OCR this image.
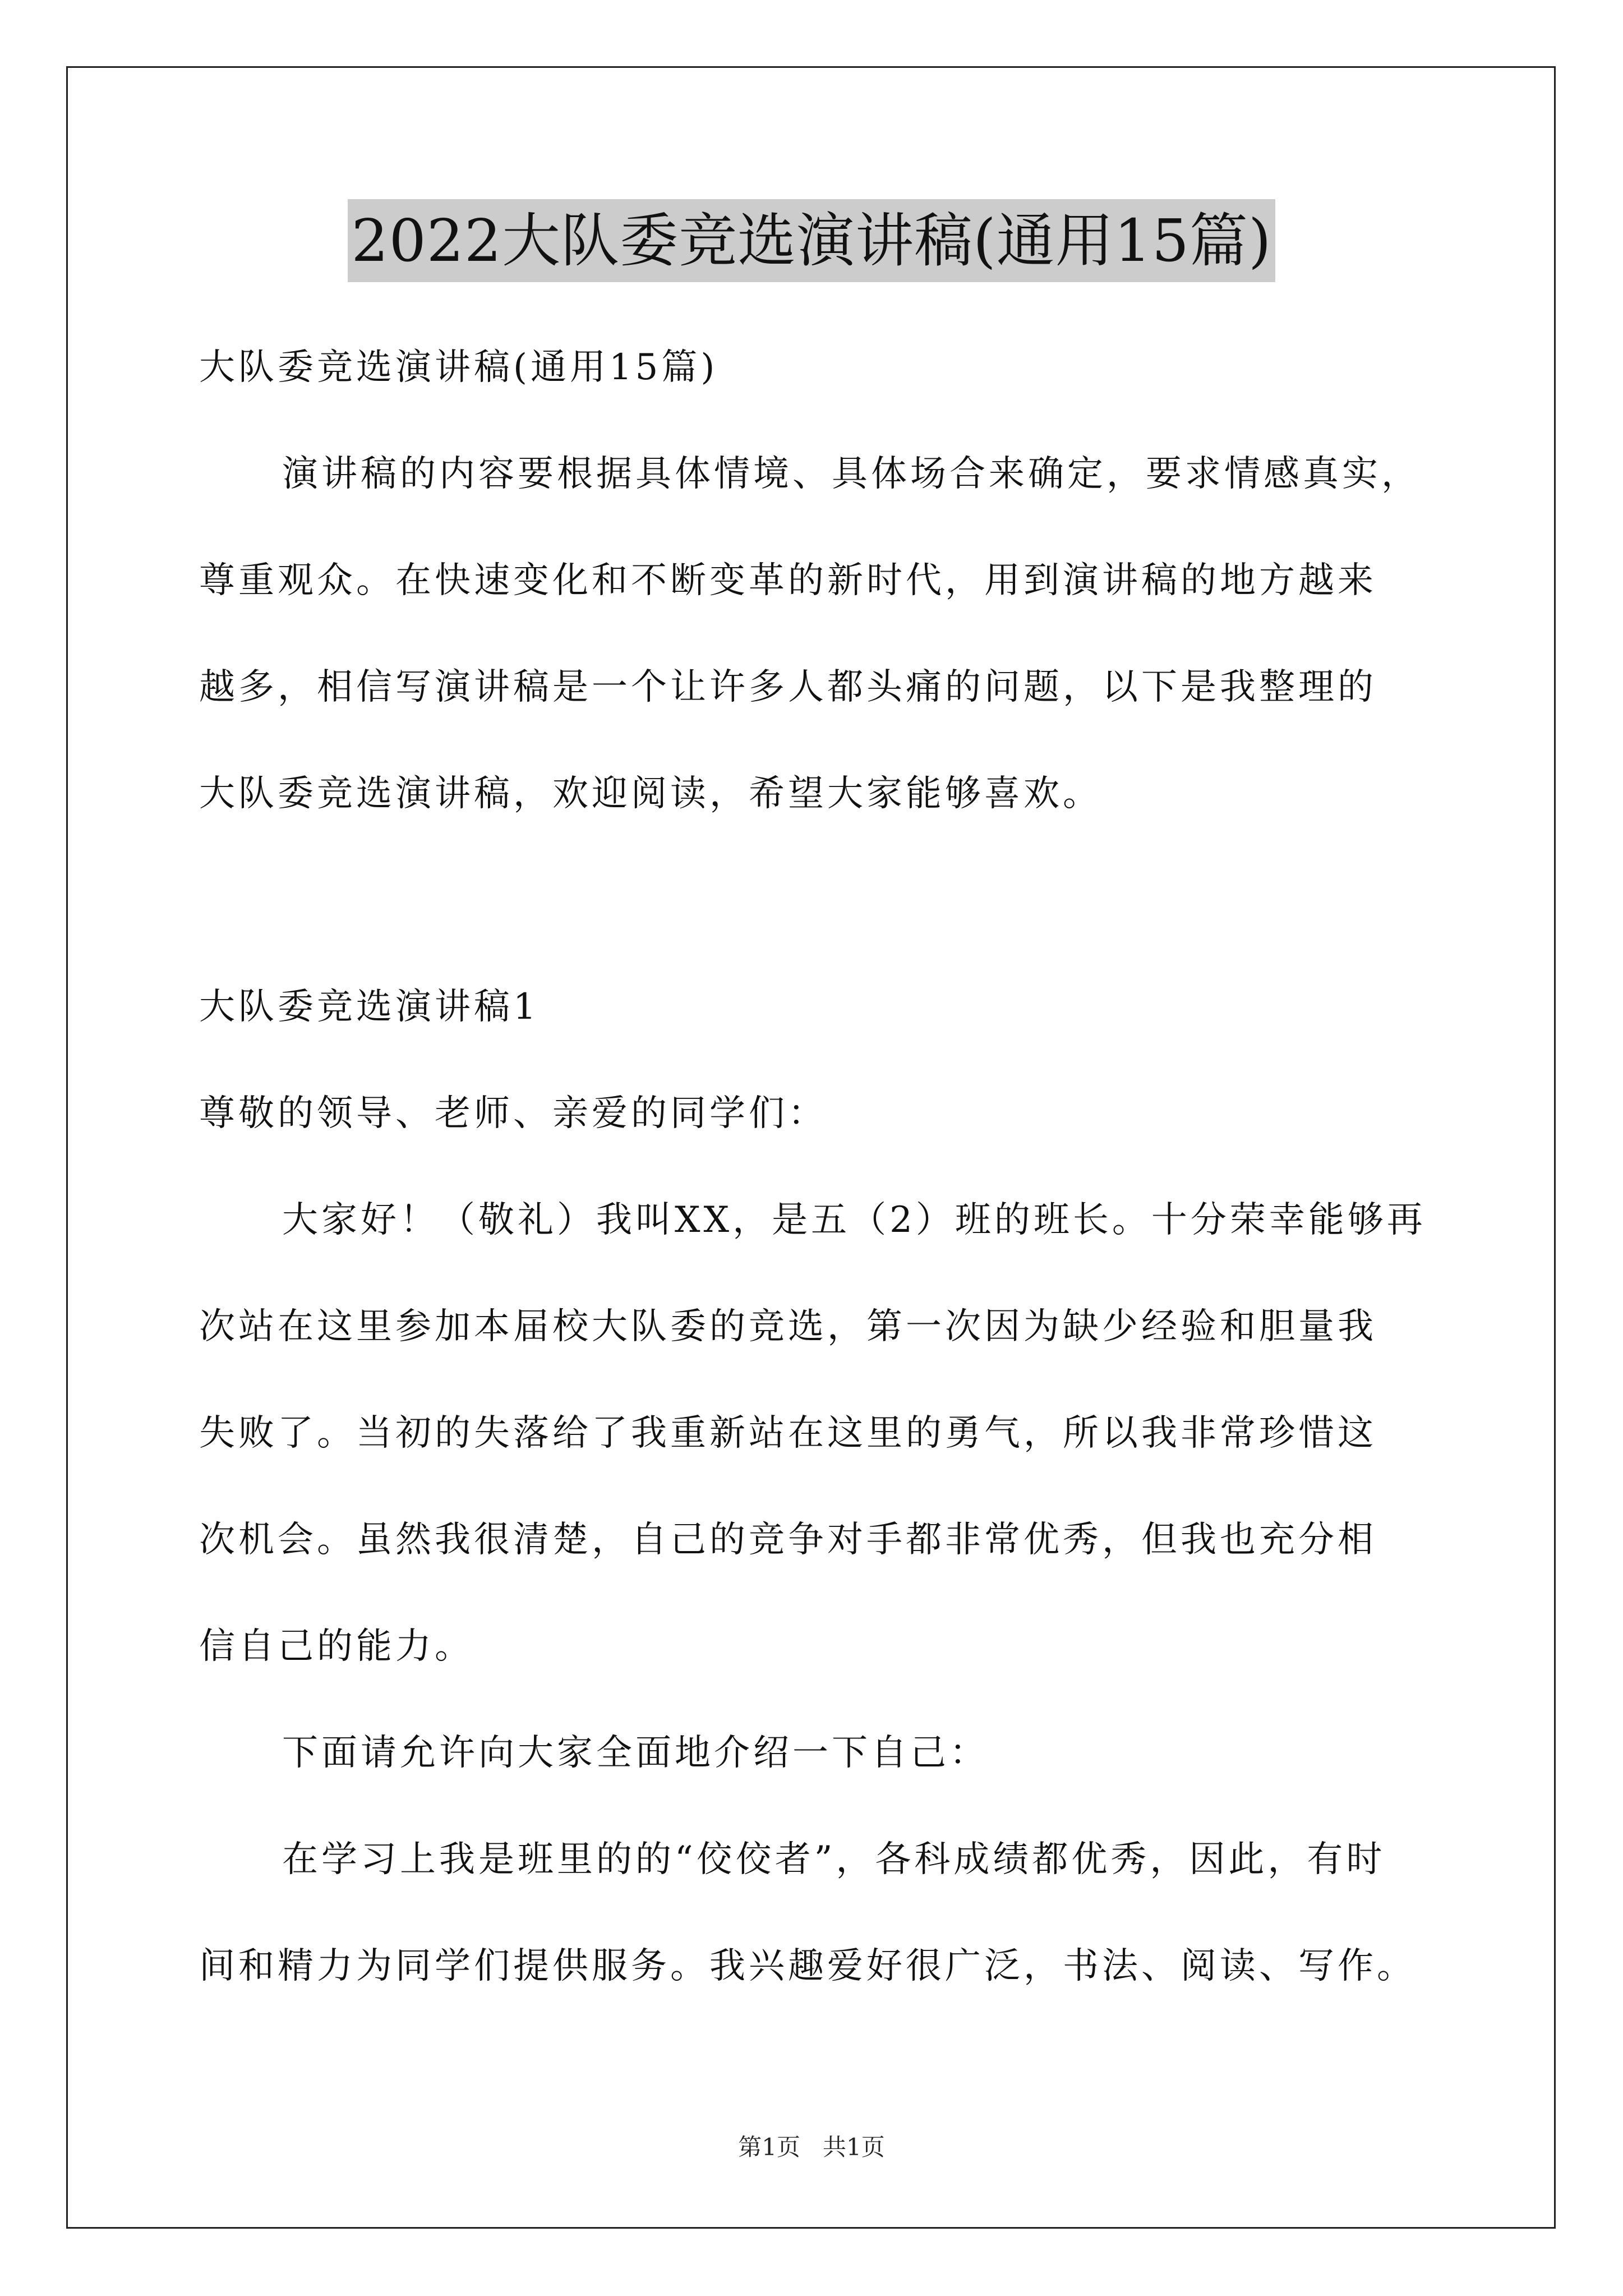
2022大队委竞选演讲稿(通用15篇)
大队委竞选演讲稿(通用15篇)
演讲稿的内容要根据具体情境、具体场合来确定，要求情感真实，
尊重观众。在快速变化和不断变革的新时代，用到演讲稿的地方越来
越多，相信写演讲稿是一个让许多人都头痛的问题，以下是我整理的
大队委竞选演讲稿，欢迎阅读，希望大家能够喜欢。
大队委竞选演讲稿1
尊敬的领导、老师、亲爱的同学们：
大家好！（敬礼）我叫XX，是五（2）班的班长。十分荣幸能够再
次站在这里参加本届校大队委的竞选，第一次因为缺少经验和胆量我
失败了。当初的失落给了我重新站在这里的勇气，所以我非常珍惜这
次机会。虽然我很清楚，自己的竞争对手都非常优秀，但我也充分相
信自己的能力。
下面请允许向大家全面地介绍一下自己：
在学习上我是班里的的“佼佼者”，各科成绩都优秀，因此，有时
间和精力为同学们提供服务。我兴趣爱好很广泛，书法、阅读、写作。
第1页 共1页
